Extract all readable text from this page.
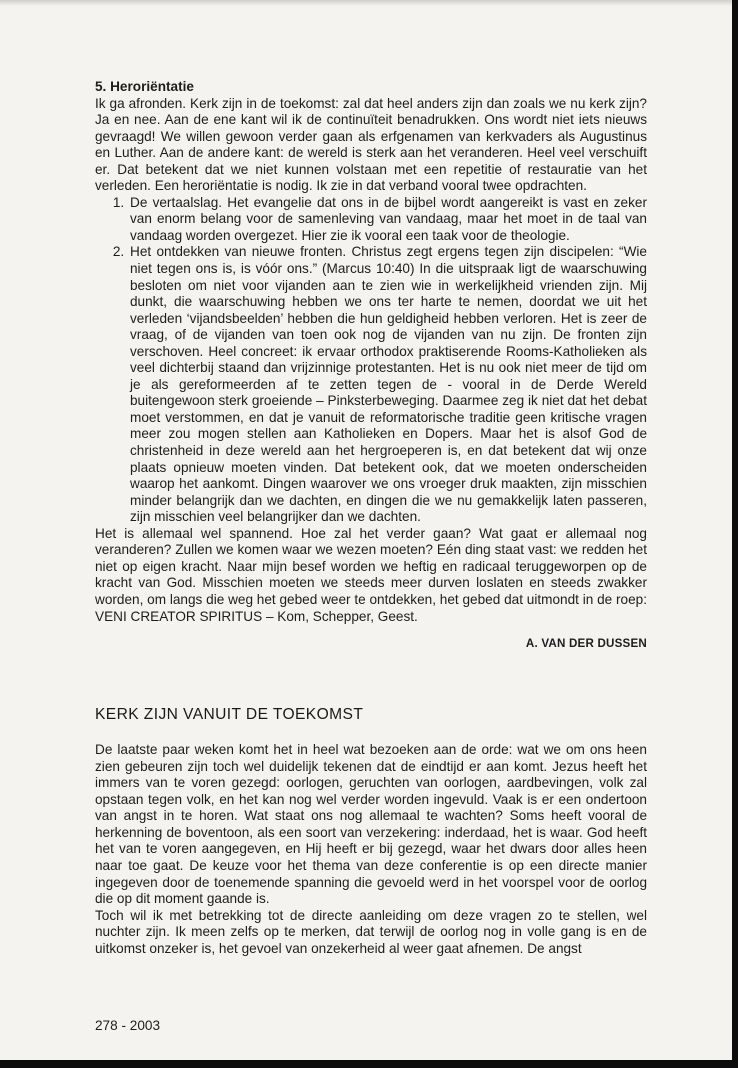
5. Heroriëntatie

Ik ga afronden. Kerk zijn in de toekomst: zal dat heel anders zijn dan zoals we nu kerk zijn? Ja en nee. Aan de ene kant wil ik de continuïteit benadrukken. Ons wordt niet iets nieuws gevraagd! We willen gewoon verder gaan als erfgenamen van kerkvaders als Augustinus en Luther. Aan de andere kant: de wereld is sterk aan het veranderen. Heel veel verschuift er. Dat betekent dat we niet kunnen volstaan met een repetitie of restauratie van het verleden. Een heroriëntatie is nodig. Ik zie in dat verband vooral twee opdrachten.

1. De vertaalslag. Het evangelie dat ons in de bijbel wordt aangereikt is vast en zeker van enorm belang voor de samenleving van vandaag, maar het moet in de taal van vandaag worden overgezet. Hier zie ik vooral een taak voor de theologie.
2. Het ontdekken van nieuwe fronten. Christus zegt ergens tegen zijn discipelen: “Wie niet tegen ons is, is vóór ons.” (Marcus 10:40) In die uitspraak ligt de waarschuwing besloten om niet voor vijanden aan te zien wie in werkelijkheid vrienden zijn. Mij dunkt, die waarschuwing hebben we ons ter harte te nemen, doordat we uit het verleden ‘vijandsbeelden’ hebben die hun geldigheid hebben verloren. Het is zeer de vraag, of de vijanden van toen ook nog de vijanden van nu zijn. De fronten zijn verschoven. Heel concreet: ik ervaar orthodox praktiserende Rooms-Katholieken als veel dichterbij staand dan vrijzinnige protestanten. Het is nu ook niet meer de tijd om je als gereformeerden af te zetten tegen de - vooral in de Derde Wereld buitengewoon sterk groeiende – Pinksterbeweging. Daarmee zeg ik niet dat het debat moet verstommen, en dat je vanuit de reformatorische traditie geen kritische vragen meer zou mogen stellen aan Katholieken en Dopers. Maar het is alsof God de christenheid in deze wereld aan het hergroeperen is, en dat betekent dat wij onze plaats opnieuw moeten vinden. Dat betekent ook, dat we moeten onderscheiden waarop het aankomt. Dingen waarover we ons vroeger druk maakten, zijn misschien minder belangrijk dan we dachten, en dingen die we nu gemakkelijk laten passeren, zijn misschien veel belangrijker dan we dachten.

Het is allemaal wel spannend. Hoe zal het verder gaan? Wat gaat er allemaal nog veranderen? Zullen we komen waar we wezen moeten? Eén ding staat vast: we redden het niet op eigen kracht. Naar mijn besef worden we heftig en radicaal teruggeworpen op de kracht van God. Misschien moeten we steeds meer durven loslaten en steeds zwakker worden, om langs die weg het gebed weer te ontdekken, het gebed dat uitmondt in de roep: VENI CREATOR SPIRITUS – Kom, Schepper, Geest.

A. VAN DER DUSSEN
KERK ZIJN VANUIT DE TOEKOMST

De laatste paar weken komt het in heel wat bezoeken aan de orde: wat we om ons heen zien gebeuren zijn toch wel duidelijk tekenen dat de eindtijd er aan komt. Jezus heeft het immers van te voren gezegd: oorlogen, geruchten van oorlogen, aardbevingen, volk zal opstaan tegen volk, en het kan nog wel verder worden ingevuld. Vaak is er een ondertoon van angst in te horen. Wat staat ons nog allemaal te wachten? Soms heeft vooral de herkenning de boventoon, als een soort van verzekering: inderdaad, het is waar. God heeft het van te voren aangegeven, en Hij heeft er bij gezegd, waar het dwars door alles heen naar toe gaat. De keuze voor het thema van deze conferentie is op een directe manier ingegeven door de toenemende spanning die gevoeld werd in het voorspel voor de oorlog die op dit moment gaande is.

Toch wil ik met betrekking tot de directe aanleiding om deze vragen zo te stellen, wel nuchter zijn. Ik meen zelfs op te merken, dat terwijl de oorlog nog in volle gang is en de uitkomst onzeker is, het gevoel van onzekerheid al weer gaat afnemen. De angst

278 - 2003
